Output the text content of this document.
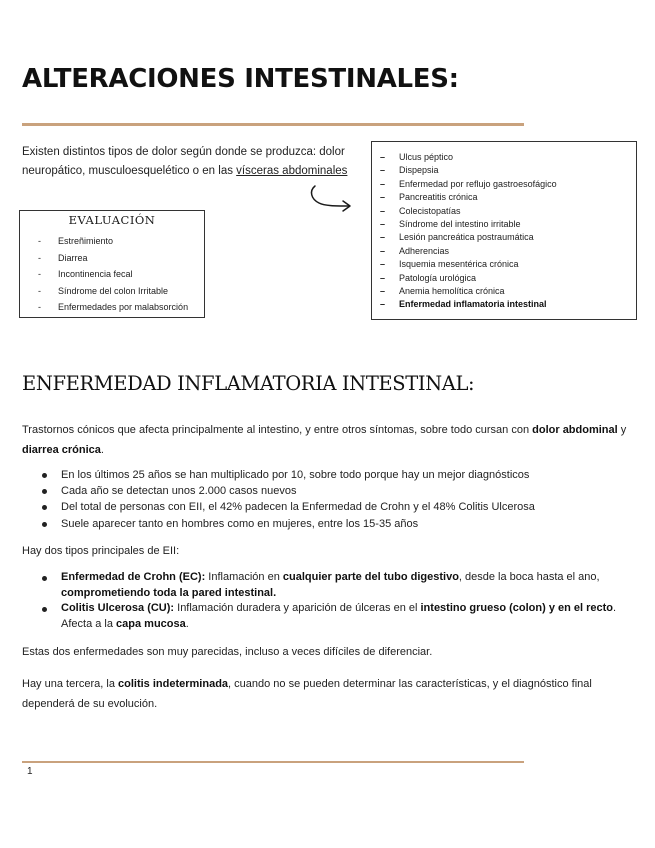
ALTERACIONES INTESTINALES:

Existen distintos tipos de dolor según donde se produzca: dolor neuropático, musculoesquelético o en las vísceras abdominales

EVALUACIÓN
-	Estreñimiento
-	Diarrea
-	Incontinencia fecal
-	Síndrome del colon Irritable
-	Enfermedades por malabsorción
–	Ulcus péptico
–	Dispepsia
–	Enfermedad por reflujo gastroesofágico
–	Pancreatitis crónica
–	Colecistopatías
–	Síndrome del intestino irritable
–	Lesión pancreática postraumática
–	Adherencias
–	Isquemia mesentérica crónica
–	Patología urológica
–	Anemia hemolítica crónica
–	Enfermedad inflamatoria intestinal
ENFERMEDAD INFLAMATORIA INTESTINAL:

Trastornos cónicos que afecta principalmente al intestino, y entre otros síntomas, sobre todo cursan con dolor abdominal y diarrea crónica.

En los últimos 25 años se han multiplicado por 10, sobre todo porque hay un mejor diagnósticos
Cada año se detectan unos 2.000 casos nuevos
Del total de personas con EII, el 42% padecen la Enfermedad de Crohn y el 48% Colitis Ulcerosa
Suele aparecer tanto en hombres como en mujeres, entre los 15-35 años

Hay dos tipos principales de EII:

Enfermedad de Crohn (EC): Inflamación en cualquier parte del tubo digestivo, desde la boca hasta el ano, comprometiendo toda la pared intestinal.
Colitis Ulcerosa (CU): Inflamación duradera y aparición de úlceras en el intestino grueso (colon) y en el recto. Afecta a la capa mucosa.

Estas dos enfermedades son muy parecidas, incluso a veces difíciles de diferenciar.

Hay una tercera, la colitis indeterminada, cuando no se pueden determinar las características, y el diagnóstico final dependerá de su evolución.

1
